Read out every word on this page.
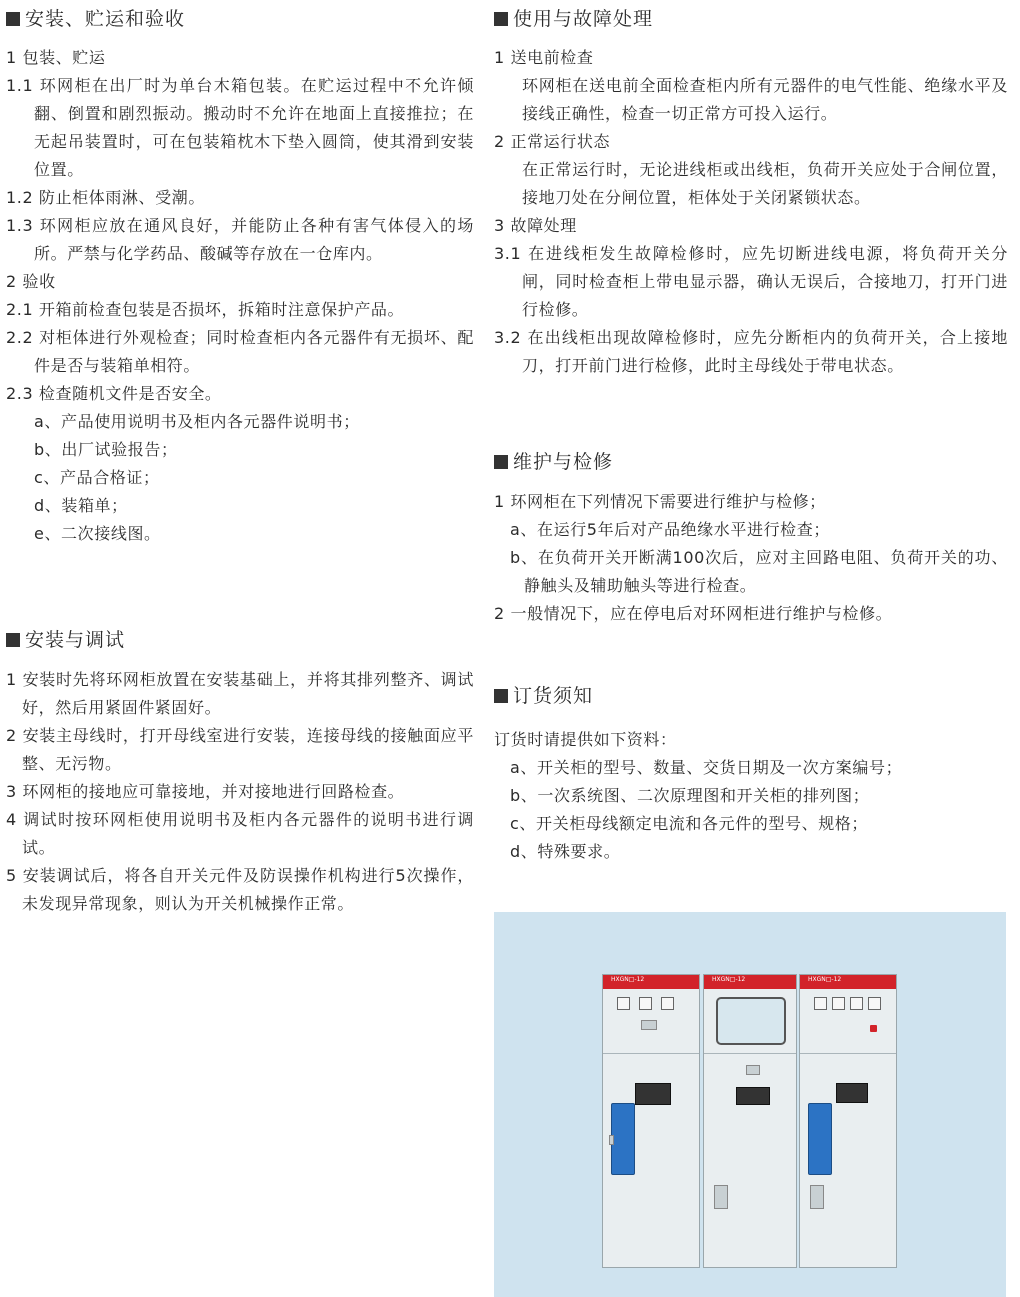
安装、贮运和验收

1 包装、贮运

1.1 环网柜在出厂时为单台木箱包装。在贮运过程中不允许倾翻、倒置和剧烈振动。搬动时不允许在地面上直接推拉；在无起吊装置时，可在包装箱枕木下垫入圆筒，使其滑到安装位置。

1.2 防止柜体雨淋、受潮。

1.3 环网柜应放在通风良好，并能防止各种有害气体侵入的场所。严禁与化学药品、酸碱等存放在一仓库内。

2 验收

2.1 开箱前检查包装是否损坏，拆箱时注意保护产品。

2.2 对柜体进行外观检查；同时检查柜内各元器件有无损坏、配件是否与装箱单相符。

2.3 检查随机文件是否安全。

a、产品使用说明书及柜内各元器件说明书；

b、出厂试验报告；

c、产品合格证；

d、装箱单；

e、二次接线图。

安装与调试

1 安装时先将环网柜放置在安装基础上，并将其排列整齐、调试好，然后用紧固件紧固好。

2 安装主母线时，打开母线室进行安装，连接母线的接触面应平整、无污物。

3 环网柜的接地应可靠接地，并对接地进行回路检查。

4 调试时按环网柜使用说明书及柜内各元器件的说明书进行调试。

5 安装调试后，将各自开关元件及防误操作机构进行5次操作，未发现异常现象，则认为开关机械操作正常。

使用与故障处理

1 送电前检查

环网柜在送电前全面检查柜内所有元器件的电气性能、绝缘水平及接线正确性，检查一切正常方可投入运行。

2 正常运行状态

在正常运行时，无论进线柜或出线柜，负荷开关应处于合闸位置，接地刀处在分闸位置，柜体处于关闭紧锁状态。

3 故障处理

3.1 在进线柜发生故障检修时，应先切断进线电源，将负荷开关分闸，同时检查柜上带电显示器，确认无误后，合接地刀，打开门进行检修。

3.2 在出线柜出现故障检修时，应先分断柜内的负荷开关，合上接地刀，打开前门进行检修，此时主母线处于带电状态。

维护与检修

1 环网柜在下列情况下需要进行维护与检修；

a、在运行5年后对产品绝缘水平进行检查；

b、在负荷开关开断满100次后，应对主回路电阻、负荷开关的功、静触头及辅助触头等进行检查。

2 一般情况下，应在停电后对环网柜进行维护与检修。

订货须知

订货时请提供如下资料：

a、开关柜的型号、数量、交货日期及一次方案编号；

b、一次系统图、二次原理图和开关柜的排列图；

c、开关柜母线额定电流和各元件的型号、规格；

d、特殊要求。

HXGN□-12	HXGN□-12	HXGN□-12
